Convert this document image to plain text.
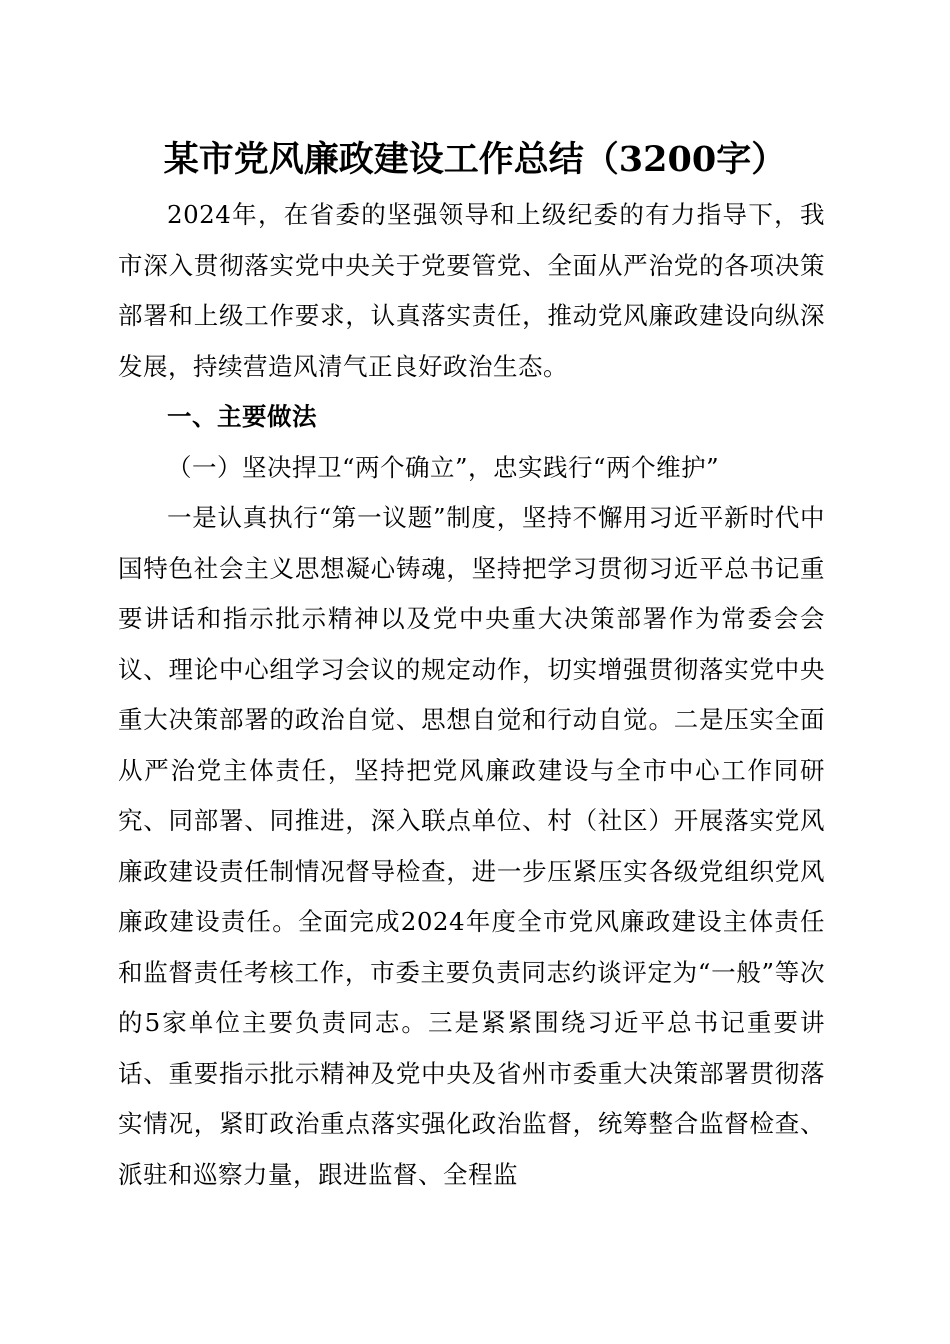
某市党风廉政建设工作总结（3200字）

2024年，在省委的坚强领导和上级纪委的有力指导下，我市深入贯彻落实党中央关于党要管党、全面从严治党的各项决策部署和上级工作要求，认真落实责任，推动党风廉政建设向纵深发展，持续营造风清气正良好政治生态。

一、主要做法

（一）坚决捍卫“两个确立”，忠实践行“两个维护”

一是认真执行“第一议题”制度，坚持不懈用习近平新时代中国特色社会主义思想凝心铸魂，坚持把学习贯彻习近平总书记重要讲话和指示批示精神以及党中央重大决策部署作为常委会会议、理论中心组学习会议的规定动作，切实增强贯彻落实党中央重大决策部署的政治自觉、思想自觉和行动自觉。二是压实全面从严治党主体责任，坚持把党风廉政建设与全市中心工作同研究、同部署、同推进，深入联点单位、村（社区）开展落实党风廉政建设责任制情况督导检查，进一步压紧压实各级党组织党风廉政建设责任。全面完成2024年度全市党风廉政建设主体责任和监督责任考核工作，市委主要负责同志约谈评定为“一般”等次的5家单位主要负责同志。三是紧紧围绕习近平总书记重要讲话、重要指示批示精神及党中央及省州市委重大决策部署贯彻落实情况，紧盯政治重点落实强化政治监督，统筹整合监督检查、派驻和巡察力量，跟进监督、全程监
